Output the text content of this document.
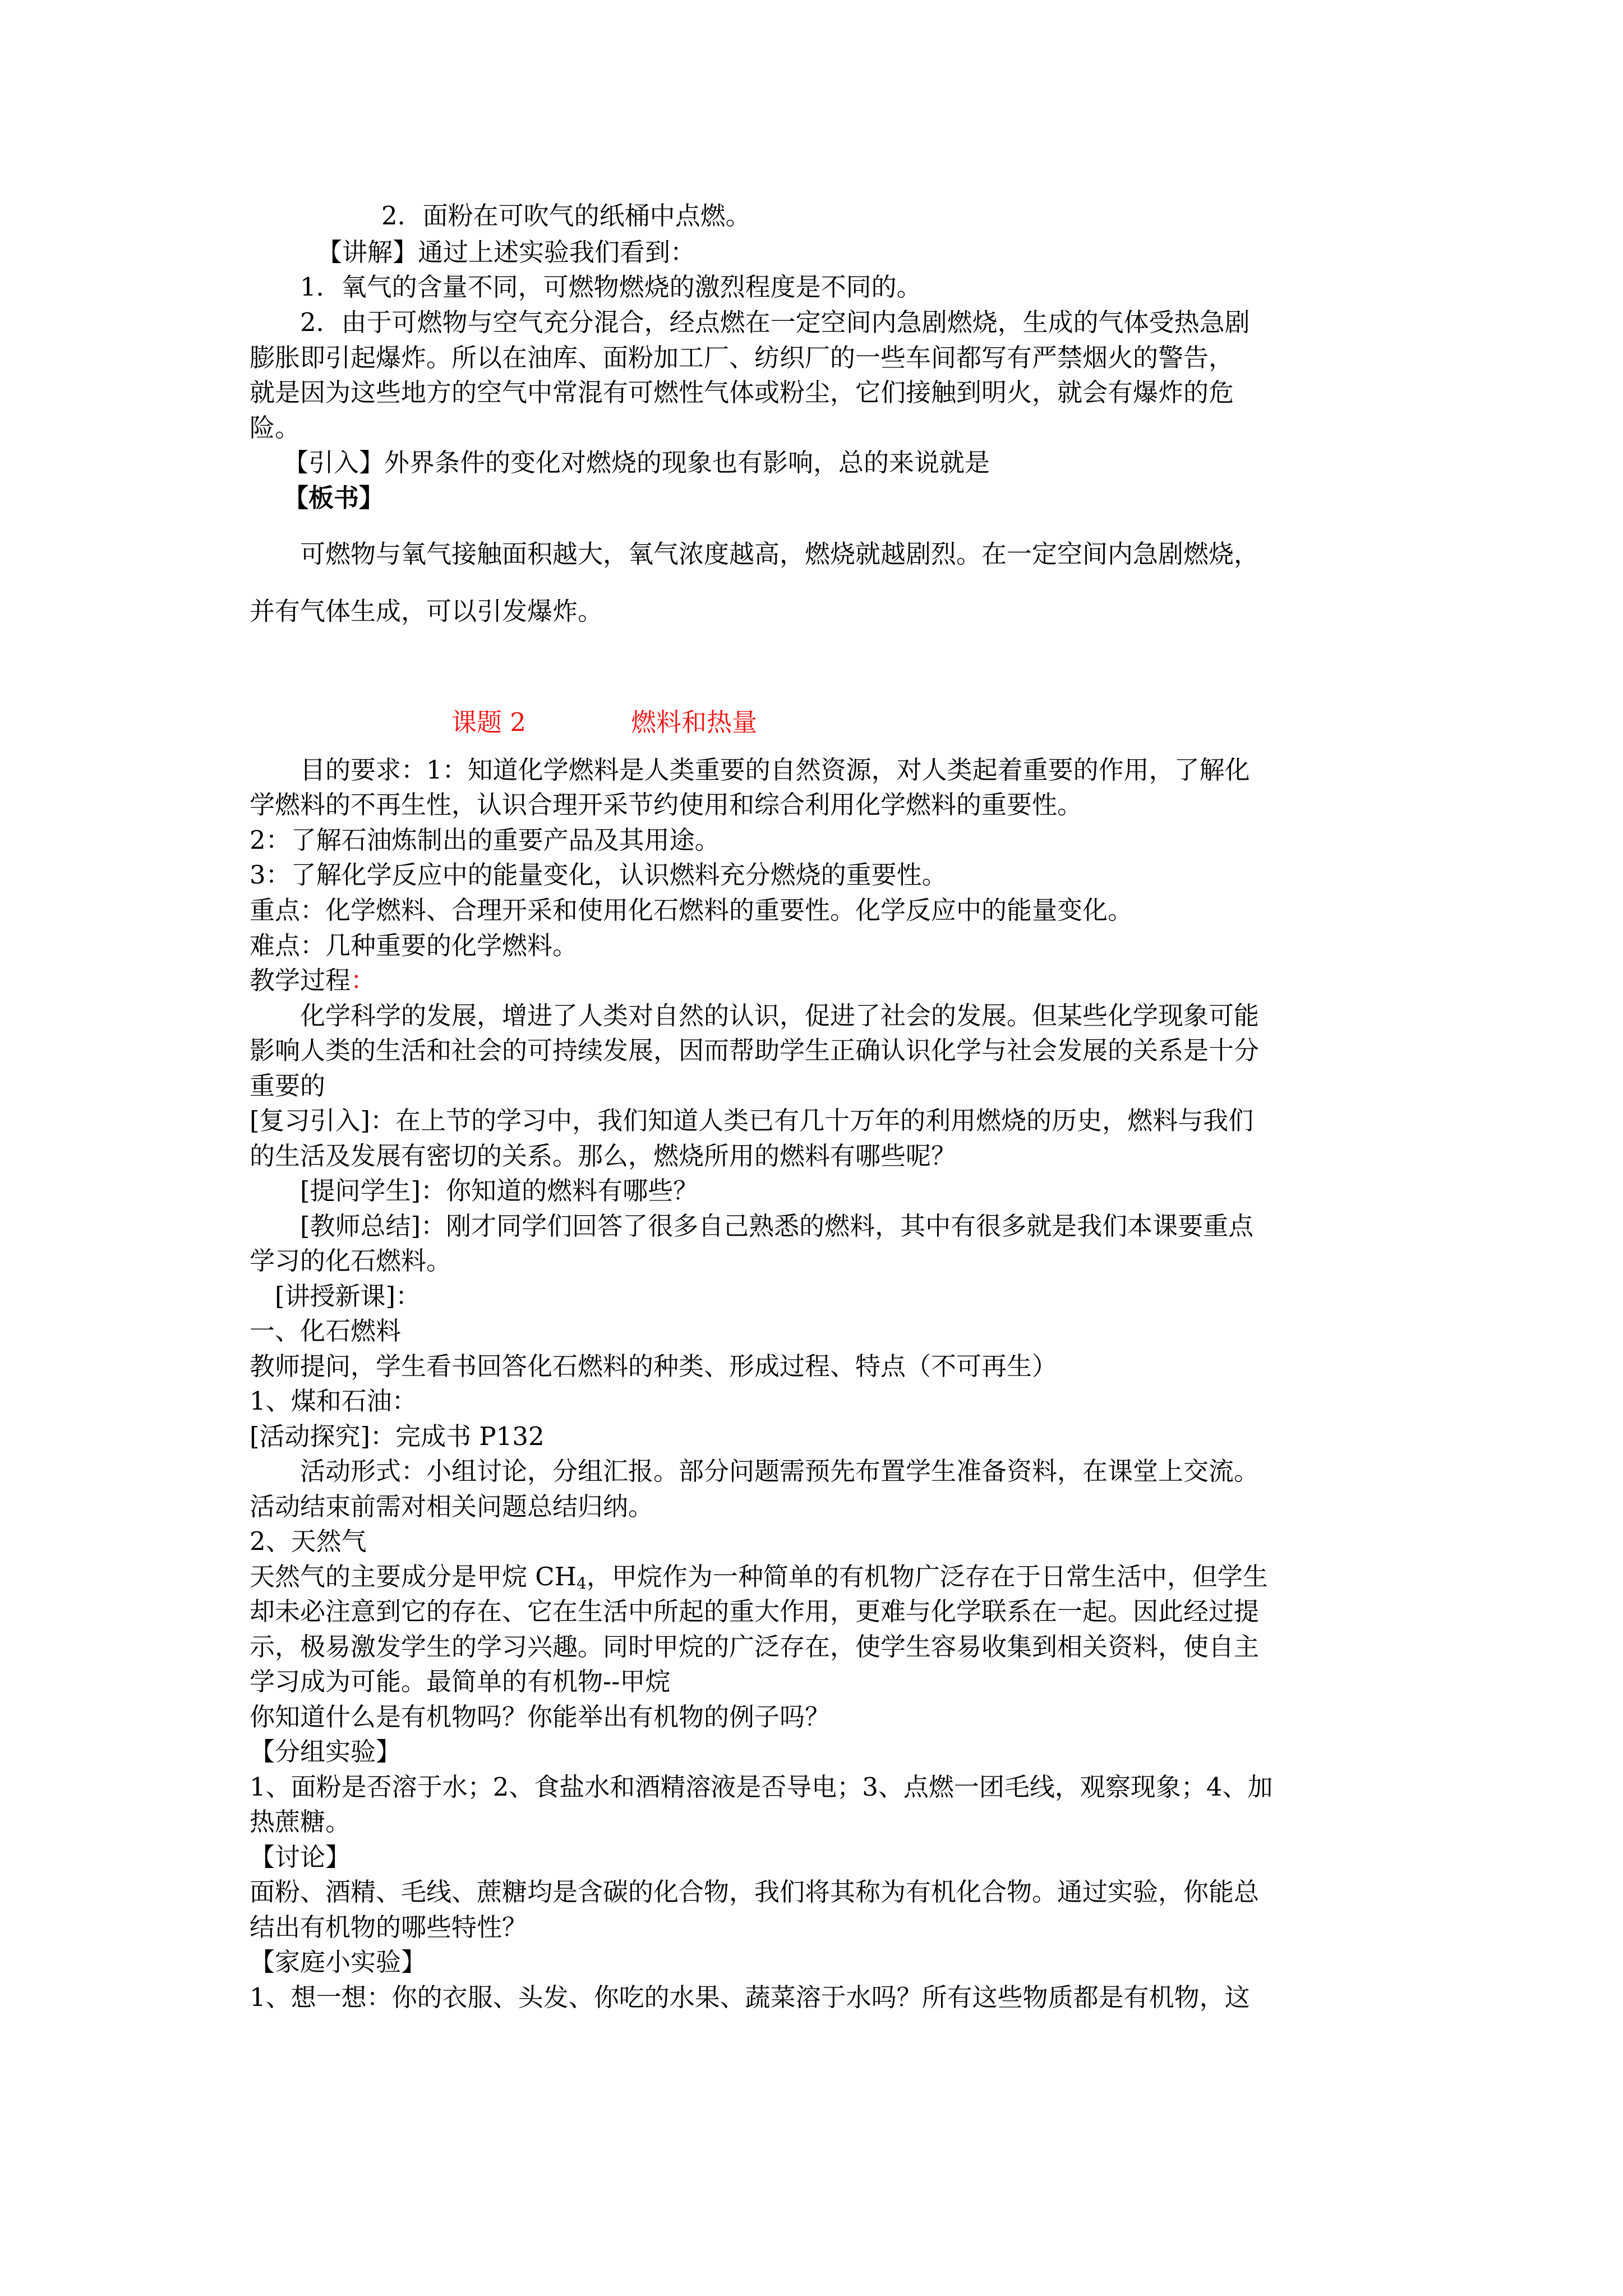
2．面粉在可吹气的纸桶中点燃。
【讲解】通过上述实验我们看到：
1．氧气的含量不同，可燃物燃烧的激烈程度是不同的。
2．由于可燃物与空气充分混合，经点燃在一定空间内急剧燃烧，生成的气体受热急剧
膨胀即引起爆炸。所以在油库、面粉加工厂、纺织厂的一些车间都写有严禁烟火的警告，
就是因为这些地方的空气中常混有可燃性气体或粉尘，它们接触到明火，就会有爆炸的危
险。
【引入】外界条件的变化对燃烧的现象也有影响，总的来说就是
【板书】
可燃物与氧气接触面积越大，氧气浓度越高，燃烧就越剧烈。在一定空间内急剧燃烧，
并有气体生成，可以引发爆炸。
课题 2	燃料和热量
目的要求：1：知道化学燃料是人类重要的自然资源，对人类起着重要的作用，了解化
学燃料的不再生性，认识合理开采节约使用和综合利用化学燃料的重要性。
2：了解石油炼制出的重要产品及其用途。
3：了解化学反应中的能量变化，认识燃料充分燃烧的重要性。
重点：化学燃料、合理开采和使用化石燃料的重要性。化学反应中的能量变化。
难点：几种重要的化学燃料。
教学过程：
化学科学的发展，增进了人类对自然的认识，促进了社会的发展。但某些化学现象可能
影响人类的生活和社会的可持续发展，因而帮助学生正确认识化学与社会发展的关系是十分
重要的
[复习引入]：在上节的学习中，我们知道人类已有几十万年的利用燃烧的历史，燃料与我们
的生活及发展有密切的关系。那么，燃烧所用的燃料有哪些呢？
[提问学生]：你知道的燃料有哪些？
[教师总结]：刚才同学们回答了很多自己熟悉的燃料，其中有很多就是我们本课要重点
学习的化石燃料。
[讲授新课]：
一、化石燃料
教师提问，学生看书回答化石燃料的种类、形成过程、特点（不可再生）
1、煤和石油：
[活动探究]：完成书 P132
活动形式：小组讨论，分组汇报。部分问题需预先布置学生准备资料，在课堂上交流。
活动结束前需对相关问题总结归纳。
2、天然气
天然气的主要成分是甲烷 $CH_4$，甲烷作为一种简单的有机物广泛存在于日常生活中，但学生
却未必注意到它的存在、它在生活中所起的重大作用，更难与化学联系在一起。因此经过提
示，极易激发学生的学习兴趣。同时甲烷的广泛存在，使学生容易收集到相关资料，使自主
学习成为可能。最简单的有机物--甲烷
你知道什么是有机物吗？你能举出有机物的例子吗？
【分组实验】
1、面粉是否溶于水；2、食盐水和酒精溶液是否导电；3、点燃一团毛线，观察现象；4、加
热蔗糖。
【讨论】
面粉、酒精、毛线、蔗糖均是含碳的化合物，我们将其称为有机化合物。通过实验，你能总
结出有机物的哪些特性？
【家庭小实验】
1、想一想：你的衣服、头发、你吃的水果、蔬菜溶于水吗？所有这些物质都是有机物，这
